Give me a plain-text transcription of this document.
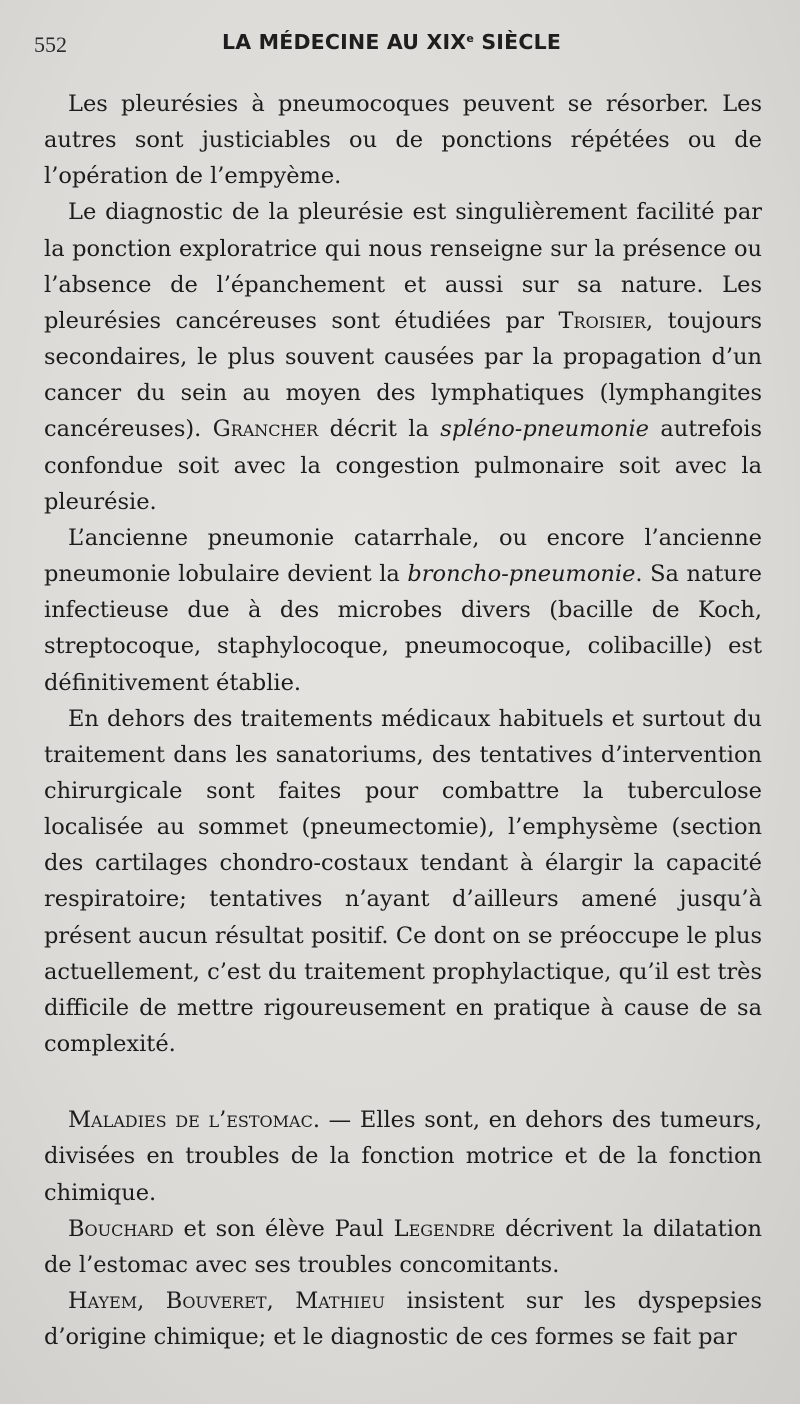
552	LA MÉDECINE AU XIXe SIÈCLE

Les pleurésies à pneumocoques peuvent se résorber. Les autres sont justiciables ou de ponctions répétées ou de l’opération de l’empyème.

Le diagnostic de la pleurésie est singulièrement facilité par la ponction exploratrice qui nous renseigne sur la présence ou l’absence de l’épanchement et aussi sur sa nature. Les pleurésies cancéreuses sont étudiées par Troisier, toujours secondaires, le plus souvent causées par la propagation d’un cancer du sein au moyen des lymphatiques (lymphangites cancéreuses). Grancher décrit la spléno-pneumonie autrefois confondue soit avec la congestion pulmonaire soit avec la pleurésie.

L’ancienne pneumonie catarrhale, ou encore l’ancienne pneumonie lobulaire devient la broncho-pneumonie. Sa nature infectieuse due à des microbes divers (bacille de Koch, streptocoque, staphylocoque, pneumocoque, colibacille) est définitivement établie.

En dehors des traitements médicaux habituels et surtout du traitement dans les sanatoriums, des tentatives d’intervention chirurgicale sont faites pour combattre la tuberculose localisée au sommet (pneumectomie), l’emphysème (section des cartilages chondro-costaux tendant à élargir la capacité respiratoire; tentatives n’ayant d’ailleurs amené jusqu’à présent aucun résultat positif. Ce dont on se préoccupe le plus actuellement, c’est du traitement prophylactique, qu’il est très difficile de mettre rigoureusement en pratique à cause de sa complexité.

Maladies de l’estomac. — Elles sont, en dehors des tumeurs, divisées en troubles de la fonction motrice et de la fonction chimique.

Bouchard et son élève Paul Legendre décrivent la dilatation de l’estomac avec ses troubles concomitants.

Hayem, Bouveret, Mathieu insistent sur les dyspepsies d’origine chimique; et le diagnostic de ces formes se fait par
